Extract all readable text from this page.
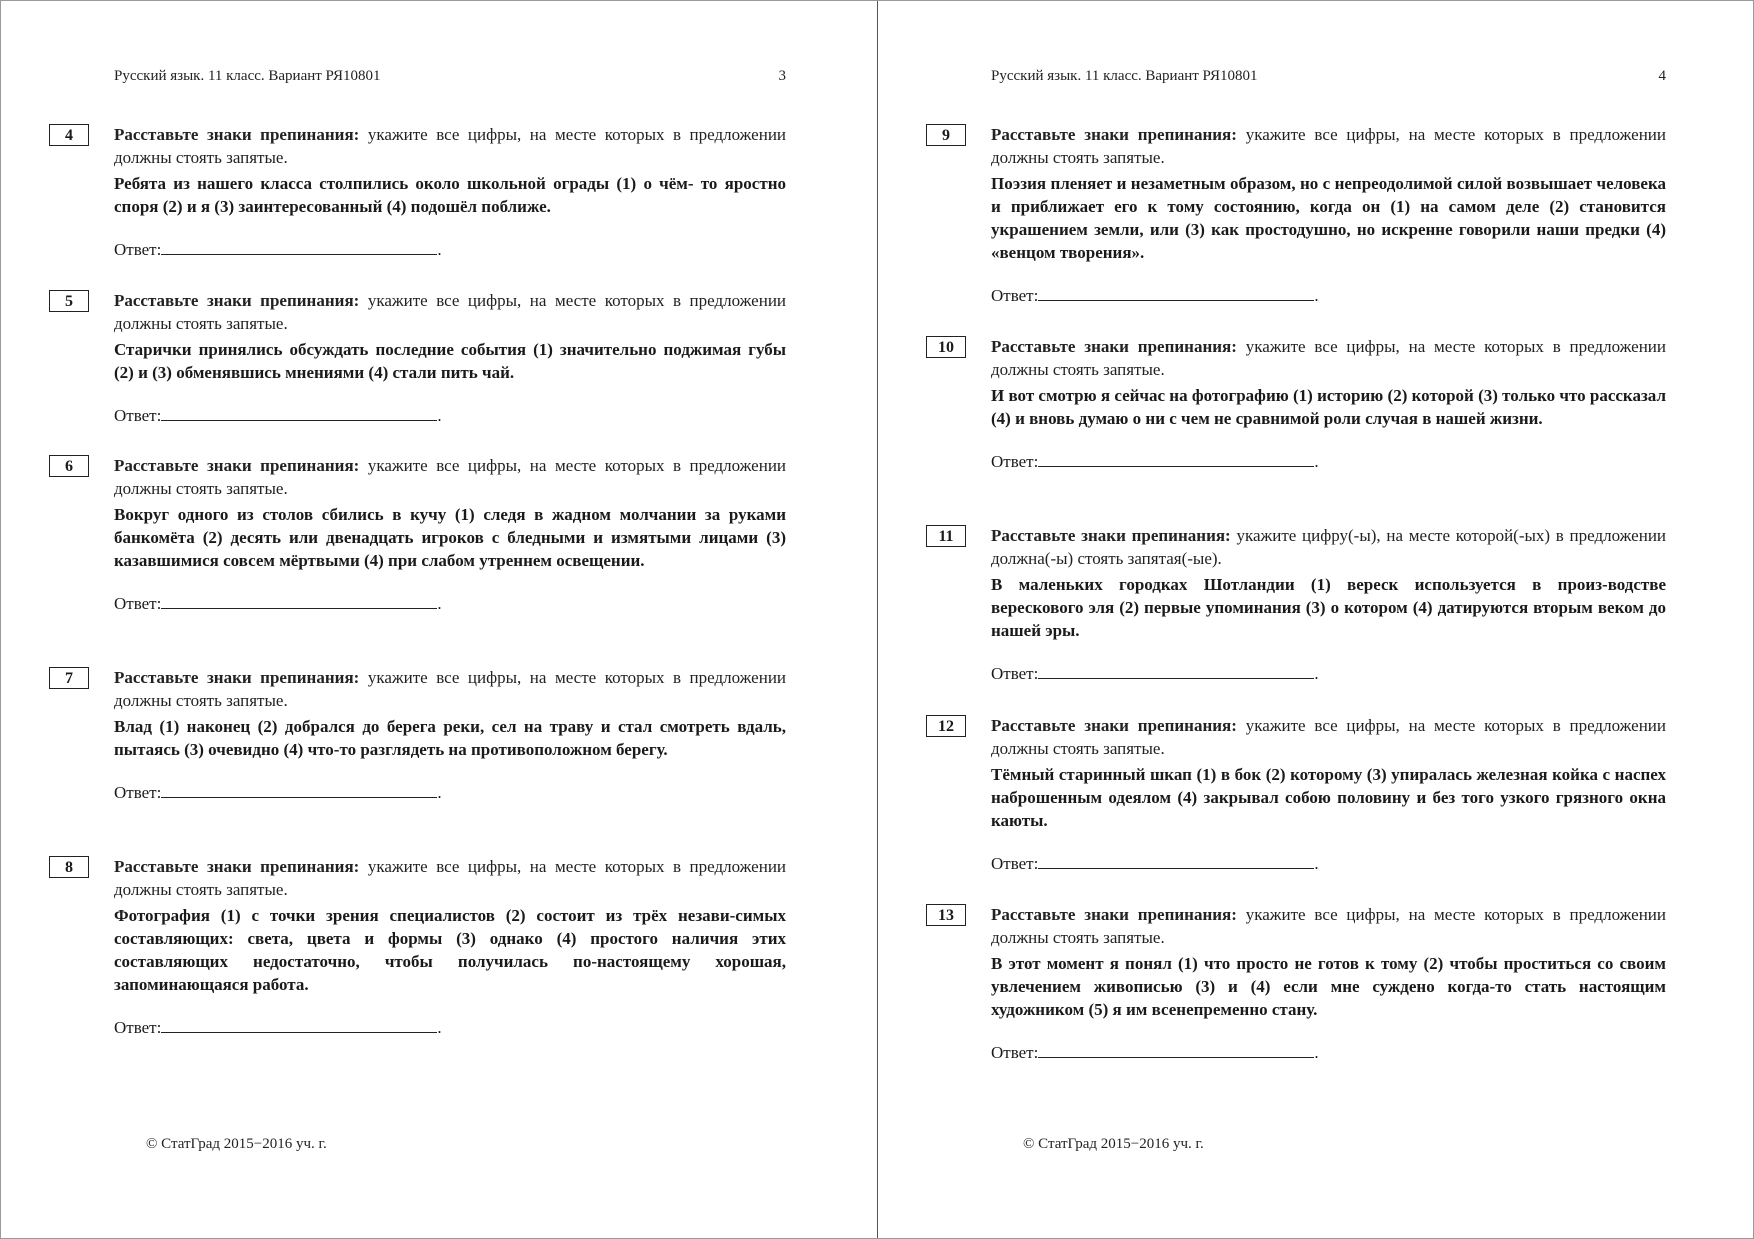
Русский язык. 11 класс. Вариант РЯ10801	3
4	Расставьте знаки препинания: укажите все цифры, на месте которых в предложении должны стоять запятые.
Ребята из нашего класса столпились около школьной ограды (1) о чём- то яростно споря (2) и я (3) заинтересованный (4) подошёл поближе.
Ответ:	.
5	Расставьте знаки препинания: укажите все цифры, на месте которых в предложении должны стоять запятые.
Старички принялись обсуждать последние события (1) значительно поджимая губы (2) и (3) обменявшись мнениями (4) стали пить чай.
Ответ:	.
6	Расставьте знаки препинания: укажите все цифры, на месте которых в предложении должны стоять запятые.
Вокруг одного из столов сбились в кучу (1) следя в жадном молчании за руками банкомёта (2) десять или двенадцать игроков с бледными и измятыми лицами (3) казавшимися совсем мёртвыми (4) при слабом утреннем освещении.
Ответ:	.
7	Расставьте знаки препинания: укажите все цифры, на месте которых в предложении должны стоять запятые.
Влад (1) наконец (2) добрался до берега реки, сел на траву и стал смотреть вдаль, пытаясь (3) очевидно (4) что-то разглядеть на противоположном берегу.
Ответ:	.
8	Расставьте знаки препинания: укажите все цифры, на месте которых в предложении должны стоять запятые.
Фотография (1) с точки зрения специалистов (2) состоит из трёх незави-симых составляющих: света, цвета и формы (3) однако (4) простого наличия этих составляющих недостаточно, чтобы получилась по-настоящему хорошая, запоминающаяся работа.
Ответ:	.
© СтатГрад 2015−2016 уч. г.
Русский язык. 11 класс. Вариант РЯ10801	4
9	Расставьте знаки препинания: укажите все цифры, на месте которых в предложении должны стоять запятые.
Поэзия пленяет и незаметным образом, но с непреодолимой силой возвышает человека и приближает его к тому состоянию, когда он (1) на самом деле (2) становится украшением земли, или (3) как простодушно, но искренне говорили наши предки (4) «венцом творения».
Ответ:	.
10	Расставьте знаки препинания: укажите все цифры, на месте которых в предложении должны стоять запятые.
И вот смотрю я сейчас на фотографию (1) историю (2) которой (3) только что рассказал (4) и вновь думаю о ни с чем не сравнимой роли случая в нашей жизни.
Ответ:	.
11	Расставьте знаки препинания: укажите цифру(-ы), на месте которой(-ых) в предложении должна(-ы) стоять запятая(-ые).
В маленьких городках Шотландии (1) вереск используется в произ-водстве верескового эля (2) первые упоминания (3) о котором (4) датируются вторым веком до нашей эры.
Ответ:	.
12	Расставьте знаки препинания: укажите все цифры, на месте которых в предложении должны стоять запятые.
Тёмный старинный шкап (1) в бок (2) которому (3) упиралась железная койка с наспех наброшенным одеялом (4) закрывал собою половину и без того узкого грязного окна каюты.
Ответ:	.
13	Расставьте знаки препинания: укажите все цифры, на месте которых в предложении должны стоять запятые.
В этот момент я понял (1) что просто не готов к тому (2) чтобы проститься со своим увлечением живописью (3) и (4) если мне суждено когда-то стать настоящим художником (5) я им всенепременно стану.
Ответ:	.
© СтатГрад 2015−2016 уч. г.
